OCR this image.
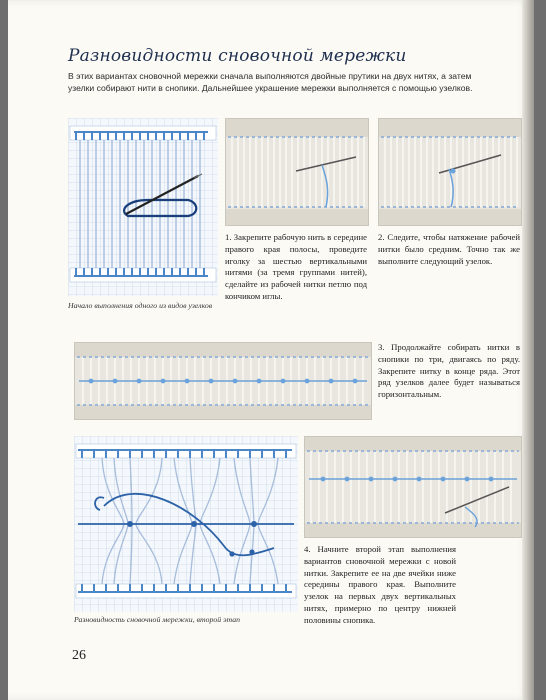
Разновидности сновочной мережки

В этих вариантах сновочной мережки сначала выполняются двойные прутики на двух нитях, а затем узелки собирают нити в снопики. Дальнейшее украшение мережки выполняется с помощью узелков.

Начало выполнения одного из видов узелков

1. Закрепите рабочую нить в середине правого края полосы, проведите иголку за шестью вертикальными нитями (за тремя группами нитей), сделайте из рабочей нитки петлю под кончиком иглы.

2. Следите, чтобы натяжение рабочей нитки было средним. Точно так же выполните следующий узелок.

3. Продолжайте собирать нитки в снопики по три, двигаясь по ряду. Закрепите нитку в конце ряда. Этот ряд узелков далее будет называться горизонтальным.

Разновидность сновочной мережки, второй этап

4. Начните второй этап выполнения вариантов сновочной мережки с новой нитки. Закрепите ее на две ячейки ниже середины правого края. Выполните узелок на первых двух вертикальных нитях, примерно по центру нижней половины снопика.

26
